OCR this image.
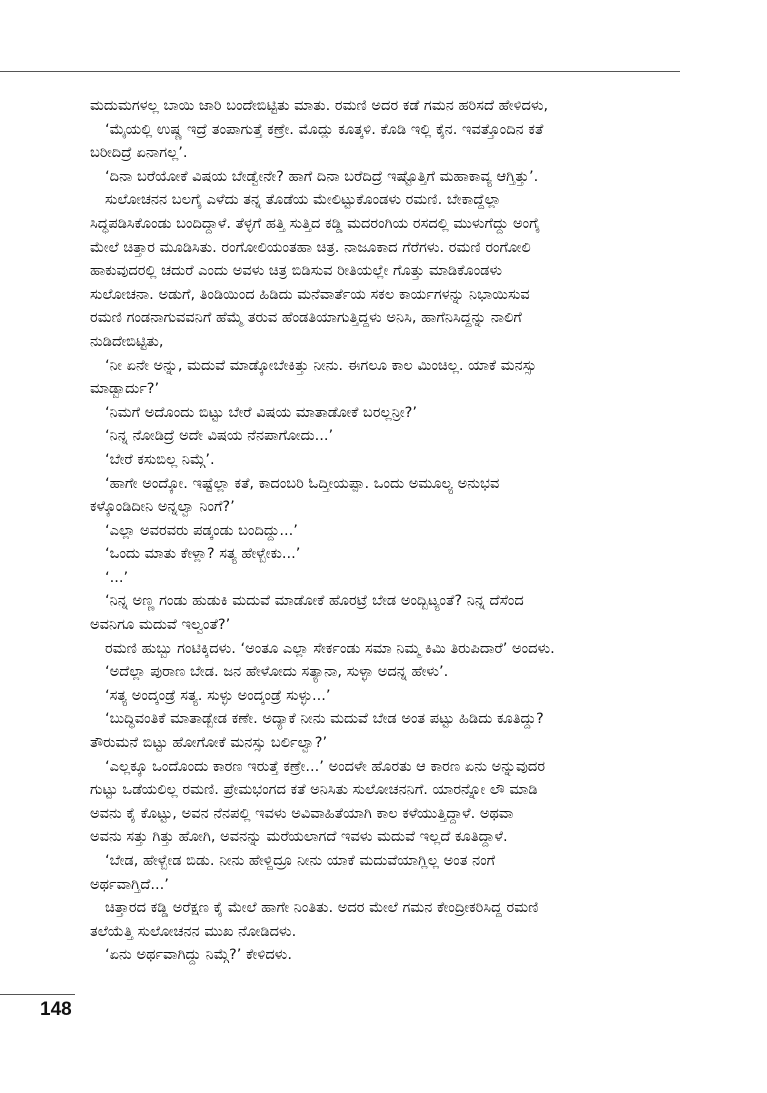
ಮದುಮಗಳಲ್ಲ ಬಾಯಿ ಜಾರಿ ಬಂದೇಬಿಟ್ಟಿತು ಮಾತು. ರಮಣಿ ಅದರ ಕಡೆ ಗಮನ ಹರಿಸದೆ ಹೇಳಿದಳು,
‘ಮೈಯಲ್ಲಿ ಉಷ್ಣ ಇದ್ರೆ ತಂಪಾಗುತ್ತೆ ಕಣ್ರೇ. ಮೊದ್ಲು ಕೂತ್ಕಳಿ. ಕೊಡಿ ಇಲ್ಲಿ ಕೈನ. ಇವತ್ತೊಂದಿನ ಕತೆ
ಬರೀದಿದ್ರೆ ಏನಾಗಲ್ಲ’.
‘ದಿನಾ ಬರೆಯೋಕೆ ವಿಷಯ ಬೇಡ್ವೇನೇ? ಹಾಗೆ ದಿನಾ ಬರೆದಿದ್ರೆ ಇಷ್ಟೊತ್ತಿಗೆ ಮಹಾಕಾವ್ಯ ಆಗ್ತಿತ್ತು’.
ಸುಲೋಚನನ ಬಲಗೈ ಎಳೆದು ತನ್ನ ತೊಡೆಯ ಮೇಲಿಟ್ಟುಕೊಂಡಳು ರಮಣಿ. ಬೇಕಾದ್ದೆಲ್ಲಾ
ಸಿದ್ಧಪಡಿಸಿಕೊಂಡು ಬಂದಿದ್ದಾಳೆ. ತೆಳ್ಳಗೆ ಹತ್ತಿ ಸುತ್ತಿದ ಕಡ್ಡಿ ಮದರಂಗಿಯ ರಸದಲ್ಲಿ ಮುಳುಗೆದ್ದು ಅಂಗೈ
ಮೇಲೆ ಚಿತ್ತಾರ ಮೂಡಿಸಿತು. ರಂಗೋಲಿಯಂತಹಾ ಚಿತ್ರ. ನಾಜೂಕಾದ ಗೆರೆಗಳು. ರಮಣಿ ರಂಗೋಲಿ
ಹಾಕುವುದರಲ್ಲಿ ಚದುರೆ ಎಂದು ಅವಳು ಚಿತ್ರ ಬಿಡಿಸುವ ರೀತಿಯಲ್ಲೇ ಗೊತ್ತು ಮಾಡಿಕೊಂಡಳು
ಸುಲೋಚನಾ. ಅಡುಗೆ, ತಿಂಡಿಯಿಂದ ಹಿಡಿದು ಮನೆವಾರ್ತೆಯ ಸಕಲ ಕಾರ್ಯಗಳನ್ನು ನಿಭಾಯಿಸುವ
ರಮಣಿ ಗಂಡನಾಗುವವನಿಗೆ ಹೆಮ್ಮೆ ತರುವ ಹೆಂಡತಿಯಾಗುತ್ತಿದ್ದಳು ಅನಿಸಿ, ಹಾಗೆನಿಸಿದ್ದನ್ನು ನಾಲಿಗೆ
ನುಡಿದೇಬಿಟ್ಟಿತು,
‘ನೀ ಏನೇ ಅನ್ನು, ಮದುವೆ ಮಾಡ್ಕೋಬೇಕಿತ್ತು ನೀನು. ಈಗಲೂ ಕಾಲ ಮಿಂಚಿಲ್ಲ. ಯಾಕೆ ಮನಸ್ಸು
ಮಾಡ್ಬಾರ್ದು?’
‘ನಿಮಗೆ ಅದೊಂದು ಬಿಟ್ಟು ಬೇರೆ ವಿಷಯ ಮಾತಾಡೋಕೆ ಬರಲ್ಲನ್ರೀ?’
‘ನಿನ್ನ ನೋಡಿದ್ರೆ ಅದೇ ವಿಷಯ ನೆನಪಾಗೋದು...’
‘ಬೇರೆ ಕಸುಬಿಲ್ಲ ನಿಮ್ಗೆ’.
‘ಹಾಗೇ ಅಂದ್ಕೋ. ಇಷ್ಟೆಲ್ಲಾ ಕತೆ, ಕಾದಂಬರಿ ಓದ್ತೀಯಪ್ಪಾ. ಒಂದು ಅಮೂಲ್ಯ ಅನುಭವ
ಕಳ್ಕೊಂಡಿದೀನಿ ಅನ್ನಲ್ವಾ ನಿಂಗೆ?’
‘ಎಲ್ಲಾ ಅವರವರು ಪಡ್ಕಂಡು ಬಂದಿದ್ದು...’
‘ಒಂದು ಮಾತು ಕೇಳ್ಲಾ? ಸತ್ಯ ಹೇಳ್ಬೇಕು...’
‘...’
‘ನಿನ್ನ ಅಣ್ಣ ಗಂಡು ಹುಡುಕಿ ಮದುವೆ ಮಾಡೋಕೆ ಹೊರಟ್ರೆ ಬೇಡ ಅಂದ್ಬಿಟ್ಯಂತೆ? ನಿನ್ನ ದೆಸೆಂದ
ಅವನಿಗೂ ಮದುವೆ ಇಲ್ವಂತೆ?’
ರಮಣಿ ಹುಬ್ಬು ಗಂಟಿಕ್ಕಿದಳು. ‘ಅಂತೂ ಎಲ್ಲಾ ಸೇರ್ಕಂಡು ಸಮಾ ನಿಮ್ಮ ಕಿಮಿ ತಿರುಪಿದಾರೆ’ ಅಂದಳು.
‘ಅದೆಲ್ಲಾ ಪುರಾಣ ಬೇಡ. ಜನ ಹೇಳೋದು ಸತ್ಯಾನಾ, ಸುಳ್ಳಾ ಅದನ್ನ ಹೇಳು’.
‘ಸತ್ಯ ಅಂದ್ಕಂಡ್ರೆ ಸತ್ಯ. ಸುಳ್ಳು ಅಂದ್ಕಂಡ್ರೆ ಸುಳ್ಳು...’
‘ಬುದ್ಧಿವಂತಿಕೆ ಮಾತಾಡ್ಬೇಡ ಕಣೇ. ಅದ್ಯಾಕೆ ನೀನು ಮದುವೆ ಬೇಡ ಅಂತ ಪಟ್ಟು ಹಿಡಿದು ಕೂತಿದ್ದು?
ತೌರುಮನೆ ಬಿಟ್ಟು ಹೋಗೋಕೆ ಮನಸ್ಸು ಬರ್ಲಿಲ್ವಾ?’
‘ಎಲ್ಲಕ್ಕೂ ಒಂದೊಂದು ಕಾರಣ ಇರುತ್ತೆ ಕಣ್ರೇ...’ ಅಂದಳೇ ಹೊರತು ಆ ಕಾರಣ ಏನು ಅನ್ನುವುದರ
ಗುಟ್ಟು ಒಡೆಯಲಿಲ್ಲ ರಮಣಿ. ಪ್ರೇಮಭಂಗದ ಕತೆ ಅನಿಸಿತು ಸುಲೋಚನನಿಗೆ. ಯಾರನ್ನೋ ಲೌ ಮಾಡಿ
ಅವನು ಕೈ ಕೊಟ್ಟು, ಅವನ ನೆನಪಲ್ಲಿ ಇವಳು ಅವಿವಾಹಿತೆಯಾಗಿ ಕಾಲ ಕಳೆಯುತ್ತಿದ್ದಾಳೆ. ಅಥವಾ
ಅವನು ಸತ್ತು ಗಿತ್ತು ಹೋಗಿ, ಅವನನ್ನು ಮರೆಯಲಾಗದೆ ಇವಳು ಮದುವೆ ಇಲ್ಲದೆ ಕೂತಿದ್ದಾಳೆ.
‘ಬೇಡ, ಹೇಳ್ಬೇಡ ಬಿಡು. ನೀನು ಹೇಳ್ದಿದ್ರೂ ನೀನು ಯಾಕೆ ಮದುವೆಯಾಗ್ಲಿಲ್ಲ ಅಂತ ನಂಗೆ
ಅರ್ಥವಾಗ್ತಿದೆ...’
ಚಿತ್ತಾರದ ಕಡ್ಡಿ ಅರೆಕ್ಷಣ ಕೈ ಮೇಲೆ ಹಾಗೇ ನಿಂತಿತು. ಅದರ ಮೇಲೆ ಗಮನ ಕೇಂದ್ರೀಕರಿಸಿದ್ದ ರಮಣಿ
ತಲೆಯೆತ್ತಿ ಸುಲೋಚನನ ಮುಖ ನೋಡಿದಳು.
‘ಏನು ಅರ್ಥವಾಗಿದ್ದು ನಿಮ್ಗೆ?’ ಕೇಳಿದಳು.
148
